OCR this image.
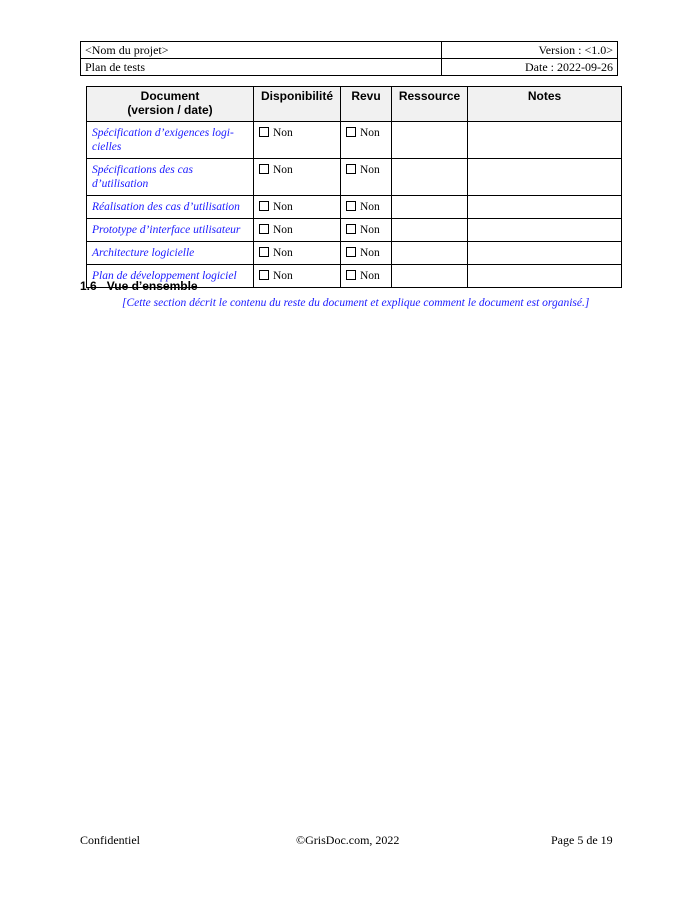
<Nom du projet>	Version : <1.0>
Plan de tests	Date : 2022-09-26
Document
(version / date)	Disponibilité	Revu	Ressource	Notes
Spécification d’exigences logi-
cielles	Non	Non		
Spécifications des cas
d’utilisation	Non	Non		
Réalisation des cas d’utilisation	Non	Non		
Prototype d’interface utilisateur	Non	Non		
Architecture logicielle	Non	Non		
Plan de développement logiciel	Non	Non		
1.6 Vue d’ensemble
[Cette section décrit le contenu du reste du document et explique comment le document est organisé.]
Confidentiel	©GrisDoc.com, 2022	Page 5 de 19
